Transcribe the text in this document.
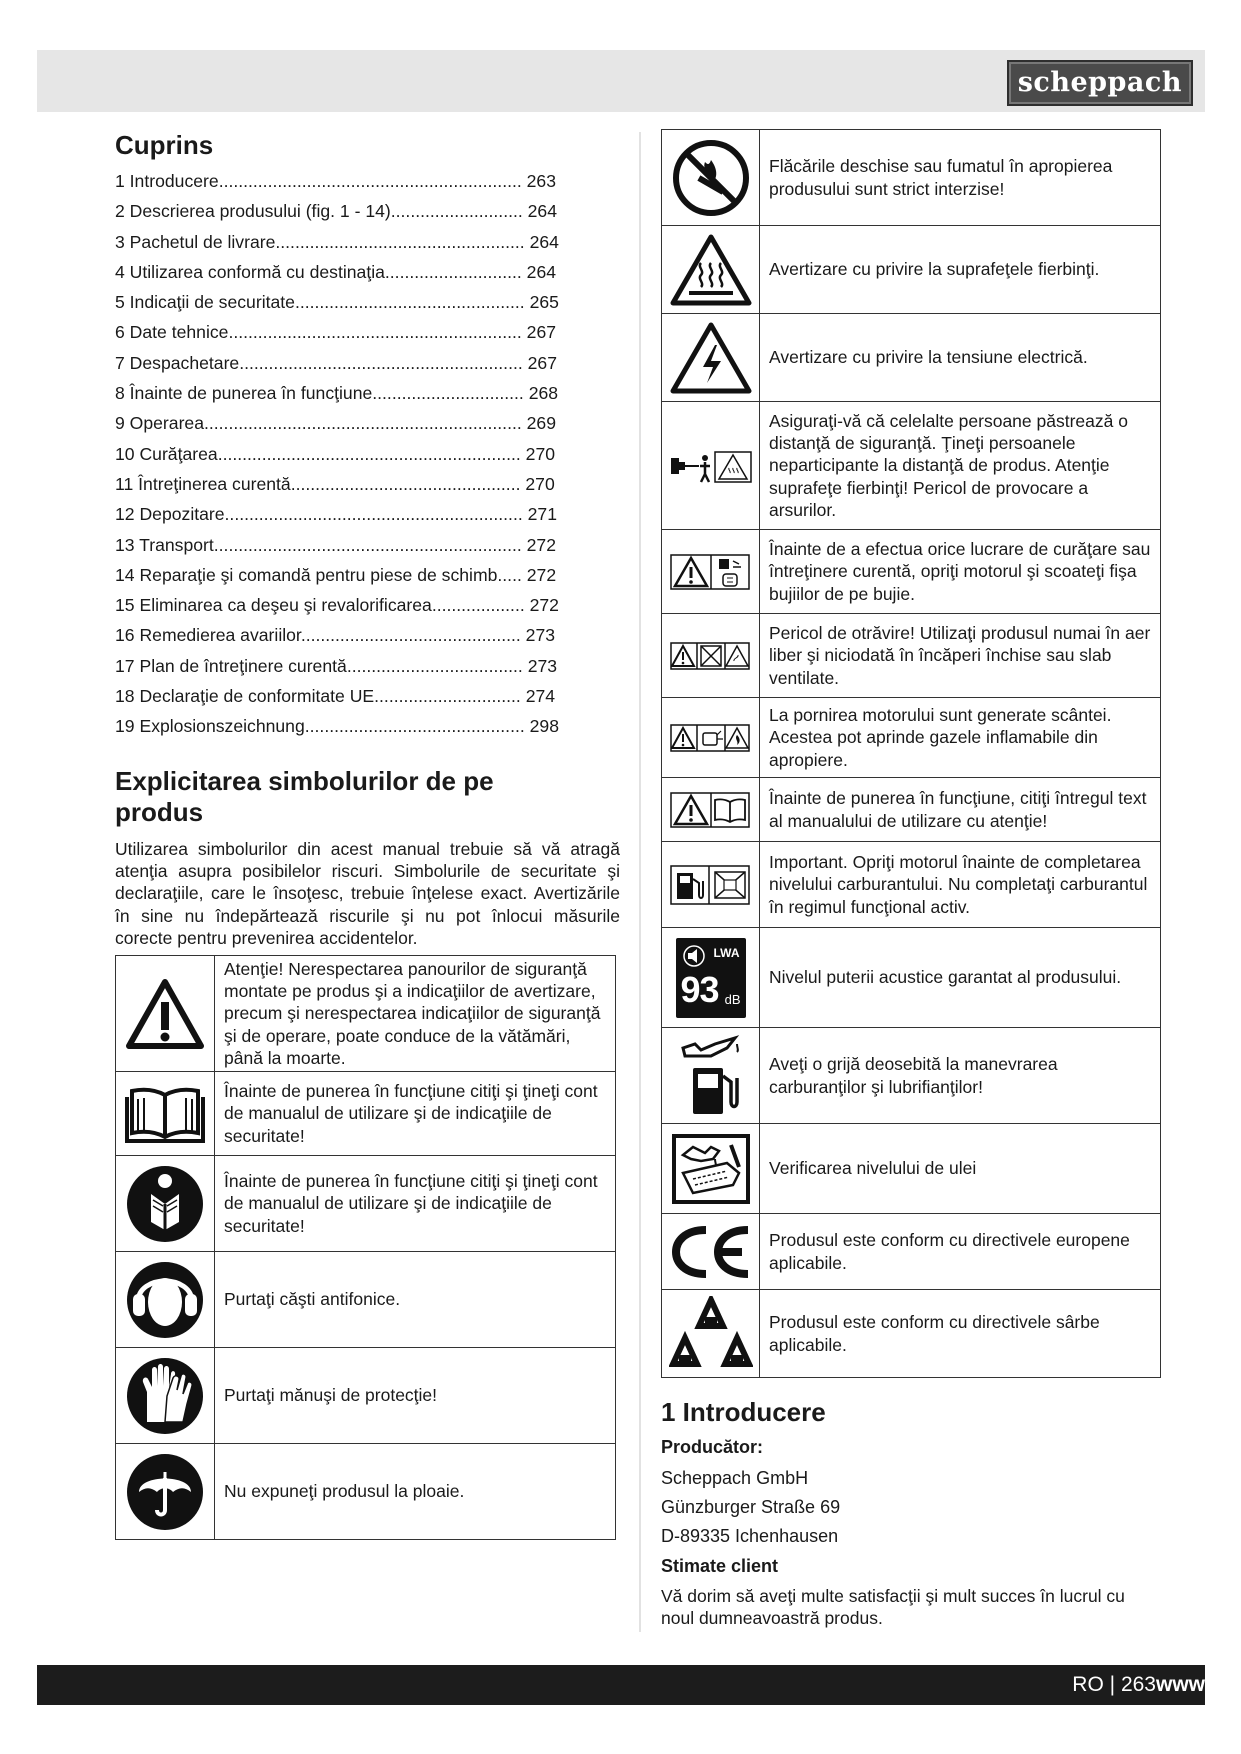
scheppach
Cuprins
1 Introducere.............................................................. 263
2 Descrierea produsului (fig. 1 - 14)........................... 264
3 Pachetul de livrare................................................... 264
4 Utilizarea conformă cu destinaţia............................ 264
5 Indicaţii de securitate............................................... 265
6 Date tehnice............................................................ 267
7 Despachetare.......................................................... 267
8 Înainte de punerea în funcţiune............................... 268
9 Operarea................................................................. 269
10 Curăţarea.............................................................. 270
11 Întreţinerea curentă............................................... 270
12 Depozitare............................................................. 271
13 Transport............................................................... 272
14 Reparaţie şi comandă pentru piese de schimb..... 272
15 Eliminarea ca deşeu şi revalorificarea................... 272
16 Remedierea avariilor............................................. 273
17 Plan de întreţinere curentă.................................... 273
18 Declaraţie de conformitate UE.............................. 274
19 Explosionszeichnung............................................. 298
Explicitarea simbolurilor de pe produs
Utilizarea simbolurilor din acest manual trebuie să vă atragă atenţia asupra posibilelor riscuri. Simbolurile de securitate şi declaraţiile, care le însoţesc, trebuie înţelese exact. Avertizările în sine nu îndepărtează riscurile şi nu pot înlocui măsurile corecte pentru prevenirea accidentelor.
	Atenţie! Nerespectarea panourilor de siguranţă montate pe produs şi a indicaţiilor de avertizare, precum şi nerespectarea indicaţiilor de siguranţă şi de operare, poate conduce de la vătămări, până la moarte.

	Înainte de punerea în funcţiune citiţi şi ţineţi cont de manualul de utilizare şi de indicaţiile de securitate!

	Înainte de punerea în funcţiune citiţi şi ţineţi cont de manualul de utilizare şi de indicaţiile de securitate!

	Purtaţi căşti antifonice.

	Purtaţi mănuşi de protecţie!

	Nu expuneţi produsul la ploaie.
	Flăcările deschise sau fumatul în apropierea produsului sunt strict interzise!

	Avertizare cu privire la suprafeţele fierbinţi.

	Avertizare cu privire la tensiune electrică.

	Asiguraţi-vă că celelalte persoane păstrează o distanţă de siguranţă. Ţineţi persoanele neparticipante la distanţă de produs. Atenţie suprafeţe fierbinţi! Pericol de provocare a arsurilor.

	Înainte de a efectua orice lucrare de curăţare sau întreţinere curentă, opriţi motorul şi scoateţi fişa bujiilor de pe bujie.

	Pericol de otrăvire! Utilizaţi produsul numai în aer liber şi niciodată în încăperi închise sau slab ventilate.

	La pornirea motorului sunt generate scântei. Acestea pot aprinde gazele inflamabile din apropiere.

	Înainte de punerea în funcţiune, citiţi întregul text al manualului de utilizare cu atenţie!

	Important. Opriţi motorul înainte de completarea nivelului carburantului. Nu completaţi carburantul în regimul funcţional activ.

LWA
93 dB	Nivelul puterii acustice garantat al produsului.

	Aveţi o grijă deosebită la manevrarea carburanţilor şi lubrifianţilor!

	Verificarea nivelului de ulei

	Produsul este conform cu directivele europene aplicabile.

	Produsul este conform cu directivele sârbe aplicabile.
1 Introducere
Producător:

Scheppach GmbH

Günzburger Straße 69

D-89335 Ichenhausen

Stimate client
Vă dorim să aveţi multe satisfacţii şi mult succes în lucrul cu noul dumneavoastră produs.
RO | 263www
